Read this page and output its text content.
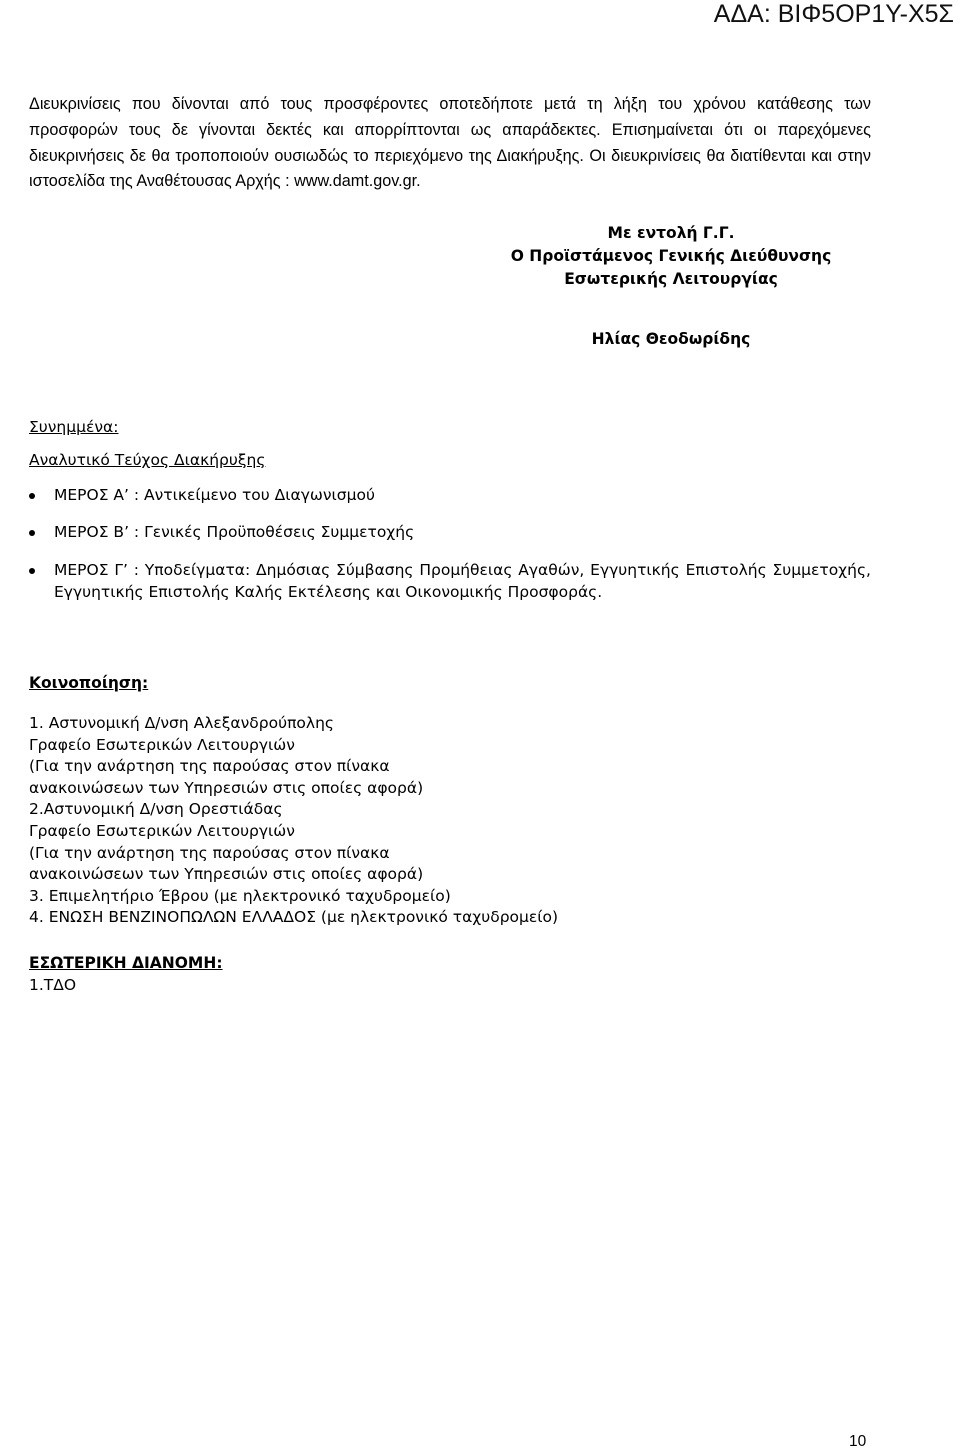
ΑΔΑ: ΒΙΦ5ΟΡ1Υ-Χ5Σ
Διευκρινίσεις που δίνονται από τους προσφέροντες οποτεδήποτε μετά τη λήξη του χρόνου κατάθεσης των προσφορών τους δε γίνονται δεκτές και απορρίπτονται ως απαράδεκτες. Επισημαίνεται ότι οι παρεχόμενες διευκρινήσεις δε θα τροποποιούν ουσιωδώς το περιεχόμενο της Διακήρυξης. Οι διευκρινίσεις θα διατίθενται και στην ιστοσελίδα της Αναθέτουσας Αρχής : www.damt.gov.gr.
Με εντολή Γ.Γ.
Ο Προϊστάμενος Γενικής Διεύθυνσης
Εσωτερικής Λειτουργίας
Ηλίας Θεοδωρίδης
Συνημμένα:
Αναλυτικό Τεύχος Διακήρυξης
ΜΕΡΟΣ Α’ : Αντικείμενο του Διαγωνισμού
ΜΕΡΟΣ Β’ : Γενικές Προϋποθέσεις Συμμετοχής
ΜΕΡΟΣ Γ’ : Υποδείγματα: Δημόσιας Σύμβασης Προμήθειας Αγαθών, Εγγυητικής Επιστολής Συμμετοχής, Εγγυητικής Επιστολής Καλής Εκτέλεσης και Οικονομικής Προσφοράς.
Κοινοποίηση:
1. Αστυνομική Δ/νση Αλεξανδρούπολης
Γραφείο Εσωτερικών Λειτουργιών
(Για την ανάρτηση της παρούσας στον πίνακα
ανακοινώσεων των Υπηρεσιών στις οποίες αφορά)
2.Αστυνομική Δ/νση Ορεστιάδας
Γραφείο Εσωτερικών Λειτουργιών
(Για την ανάρτηση της παρούσας στον πίνακα
ανακοινώσεων των Υπηρεσιών στις οποίες αφορά)
3. Επιμελητήριο Έβρου (με ηλεκτρονικό ταχυδρομείο)
4. ΕΝΩΣΗ ΒΕΝΖΙΝΟΠΩΛΩΝ ΕΛΛΑΔΟΣ (με ηλεκτρονικό ταχυδρομείο)
ΕΣΩΤΕΡΙΚΗ ΔΙΑΝΟΜΗ:
1.ΤΔΟ
10
